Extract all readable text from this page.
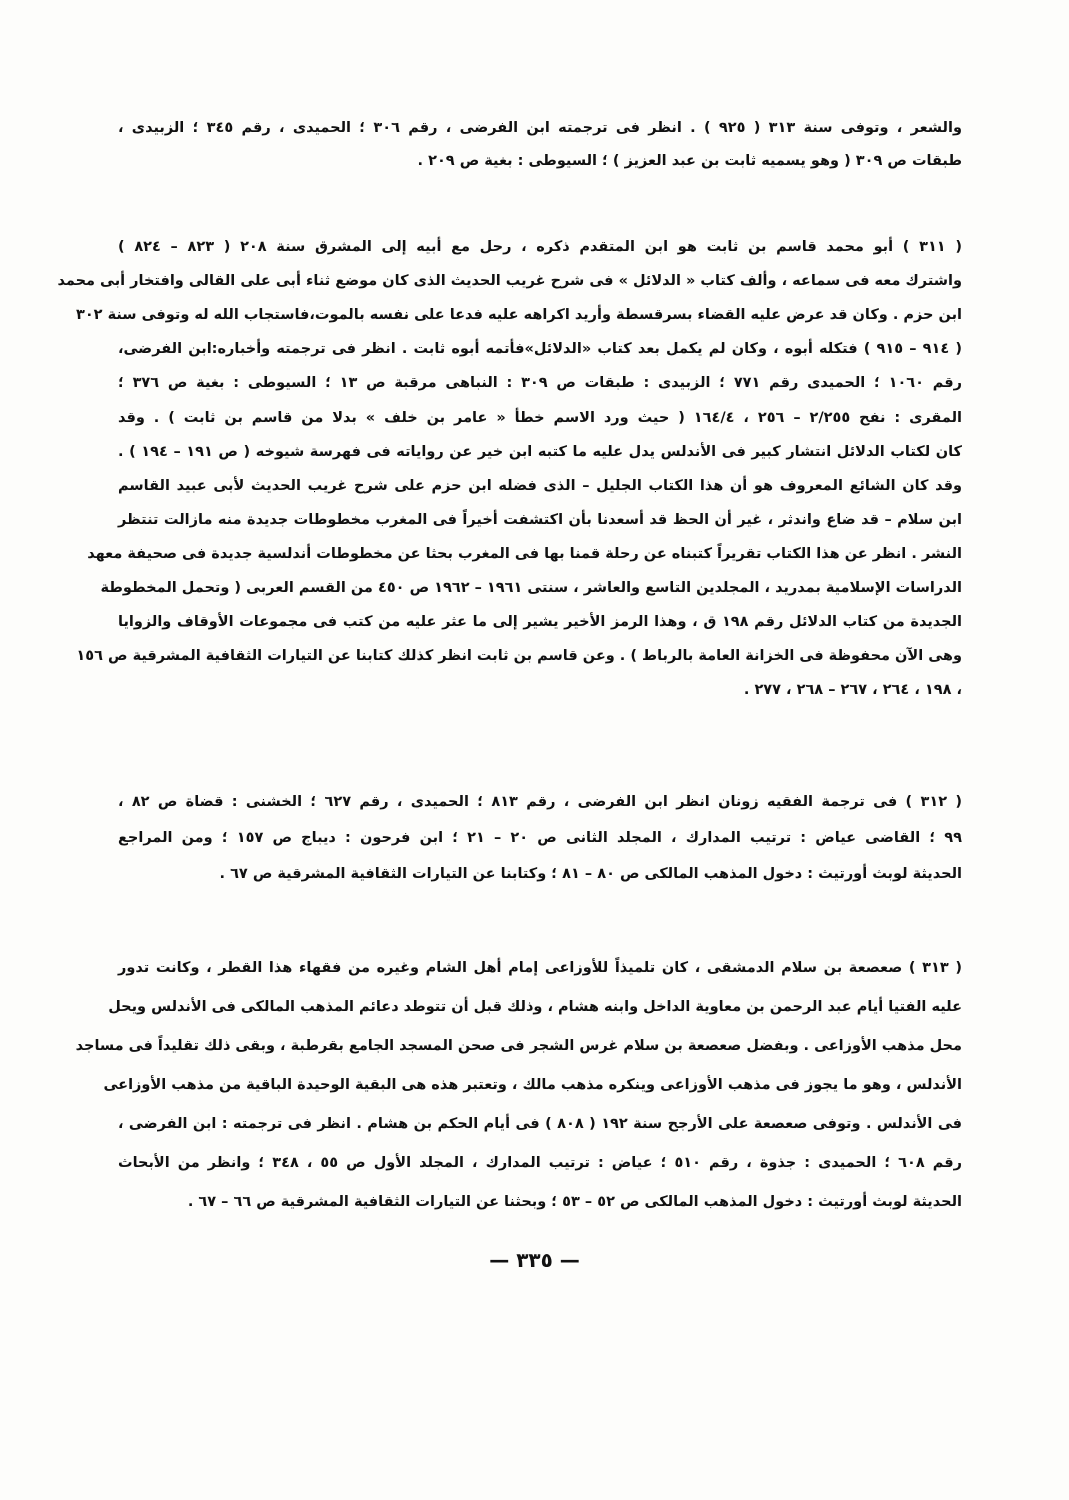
والشعر ، وتوفى سنة ٣١٣ ( ٩٢٥ ) . انظر فى ترجمته ابن الفرضى ، رقم ٣٠٦ ؛ الحميدى ، رقم ٣٤٥ ؛ الزبيدى ،
طبقات ص ٣٠٩ ( وهو يسميه ثابت بن عبد العزيز ) ؛ السيوطى : بغية ص ٢٠٩ .
( ٣١١ ) أبو محمد قاسم بن ثابت هو ابن المتقدم ذكره ، رحل مع أبيه إلى المشرق سنة ٢٠٨ ( ٨٢٣ – ٨٢٤ )
واشترك معه فى سماعه ، وألف كتاب « الدلائل » فى شرح غريب الحديث الذى كان موضع ثناء أبى على القالى وافتخار أبى محمد
ابن حزم . وكان قد عرض عليه القضاء بسرقسطة وأريد اكراهه عليه فدعا على نفسه بالموت،فاستجاب الله له وتوفى سنة ٣٠٢
( ٩١٤ – ٩١٥ ) فتكله أبوه ، وكان لم يكمل بعد كتاب «الدلائل»فأتمه أبوه ثابت . انظر فى ترجمته وأخباره:ابن الفرضى،
رقم ١٠٦٠ ؛ الحميدى رقم ٧٧١ ؛ الزبيدى : طبقات ص ٣٠٩ : النباهى مرقبة ص ١٣ ؛ السيوطى : بغية ص ٣٧٦ ؛
المقرى : نفح ٢/٢٥٥ – ٢٥٦ ، ١٦٤/٤ ( حيث ورد الاسم خطأ « عامر بن خلف » بدلا من قاسم بن ثابت ) . وقد
كان لكتاب الدلائل انتشار كبير فى الأندلس يدل عليه ما كتبه ابن خير عن رواياته فى فهرسة شيوخه ( ص ١٩١ – ١٩٤ ) .
وقد كان الشائع المعروف هو أن هذا الكتاب الجليل – الذى فضله ابن حزم على شرح غريب الحديث لأبى عبيد القاسم
ابن سلام – قد ضاع واندثر ، غير أن الحظ قد أسعدنا بأن اكتشفت أخيراً فى المغرب مخطوطات جديدة منه مازالت تنتظر
النشر . انظر عن هذا الكتاب تقريراً كتبناه عن رحلة قمنا بها فى المغرب بحثا عن مخطوطات أندلسية جديدة فى صحيفة معهد
الدراسات الإسلامية بمدريد ، المجلدين التاسع والعاشر ، سنتى ١٩٦١ – ١٩٦٢ ص ٤٥٠ من القسم العربى ( وتحمل المخطوطة
الجديدة من كتاب الدلائل رقم ١٩٨ ق ، وهذا الرمز الأخير يشير إلى ما عثر عليه من كتب فى مجموعات الأوقاف والزوايا
وهى الآن محفوظة فى الخزانة العامة بالرباط ) . وعن قاسم بن ثابت انظر كذلك كتابنا عن التيارات الثقافية المشرقية ص ١٥٦
، ١٩٨ ، ٢٦٤ ، ٢٦٧ – ٢٦٨ ، ٢٧٧ .
( ٣١٢ ) فى ترجمة الفقيه زونان انظر ابن الفرضى ، رقم ٨١٣ ؛ الحميدى ، رقم ٦٢٧ ؛ الخشنى : قضاة ص ٨٢ ،
٩٩ ؛ القاضى عياض : ترتيب المدارك ، المجلد الثانى ص ٢٠ – ٢١ ؛ ابن فرحون : ديباج ص ١٥٧ ؛ ومن المراجع
الحديثة لوبث أورتيث : دخول المذهب المالكى ص ٨٠ – ٨١ ؛ وكتابنا عن التيارات الثقافية المشرقية ص ٦٧ .
( ٣١٣ ) صعصعة بن سلام الدمشقى ، كان تلميذاً للأوزاعى إمام أهل الشام وغيره من فقهاء هذا القطر ، وكانت تدور
عليه الفتيا أيام عبد الرحمن بن معاوية الداخل وابنه هشام ، وذلك قبل أن تتوطد دعائم المذهب المالكى فى الأندلس ويحل
محل مذهب الأوزاعى . وبفضل صعصعة بن سلام غرس الشجر فى صحن المسجد الجامع بقرطبة ، وبقى ذلك تقليداً فى مساجد
الأندلس ، وهو ما يجوز فى مذهب الأوزاعى وينكره مذهب مالك ، وتعتبر هذه هى البقية الوحيدة الباقية من مذهب الأوزاعى
فى الأندلس . وتوفى صعصعة على الأرجح سنة ١٩٢ ( ٨٠٨ ) فى أيام الحكم بن هشام . انظر فى ترجمته : ابن الفرضى ،
رقم ٦٠٨ ؛ الحميدى : جذوة ، رقم ٥١٠ ؛ عياض : ترتيب المدارك ، المجلد الأول ص ٥٥ ، ٣٤٨ ؛ وانظر من الأبحاث
الحديثة لوبث أورتيث : دخول المذهب المالكى ص ٥٢ – ٥٣ ؛ وبحثنا عن التيارات الثقافية المشرقية ص ٦٦ – ٦٧ .
— ٣٣٥ —
